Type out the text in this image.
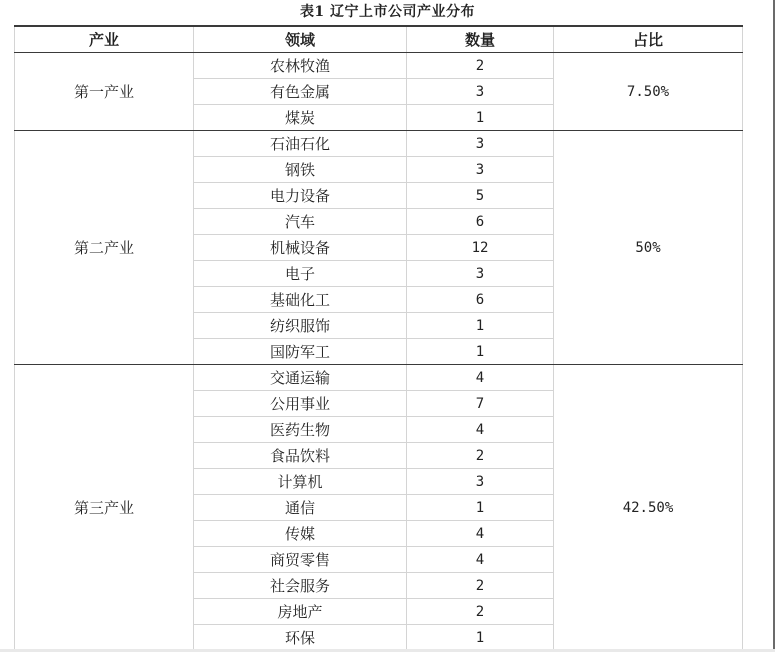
表1 辽宁上市公司产业分布
产业	领域	数量	占比
第一产业	农林牧渔	2	7.50%
	有色金属	3	
	煤炭	1	
第二产业	石油石化	3	50%
	钢铁	3	
	电力设备	5	
	汽车	6	
	机械设备	12	
	电子	3	
	基础化工	6	
	纺织服饰	1	
	国防军工	1	
第三产业	交通运输	4	42.50%
	公用事业	7	
	医药生物	4	
	食品饮料	2	
	计算机	3	
	通信	1	
	传媒	4	
	商贸零售	4	
	社会服务	2	
	房地产	2	
	环保	1	
